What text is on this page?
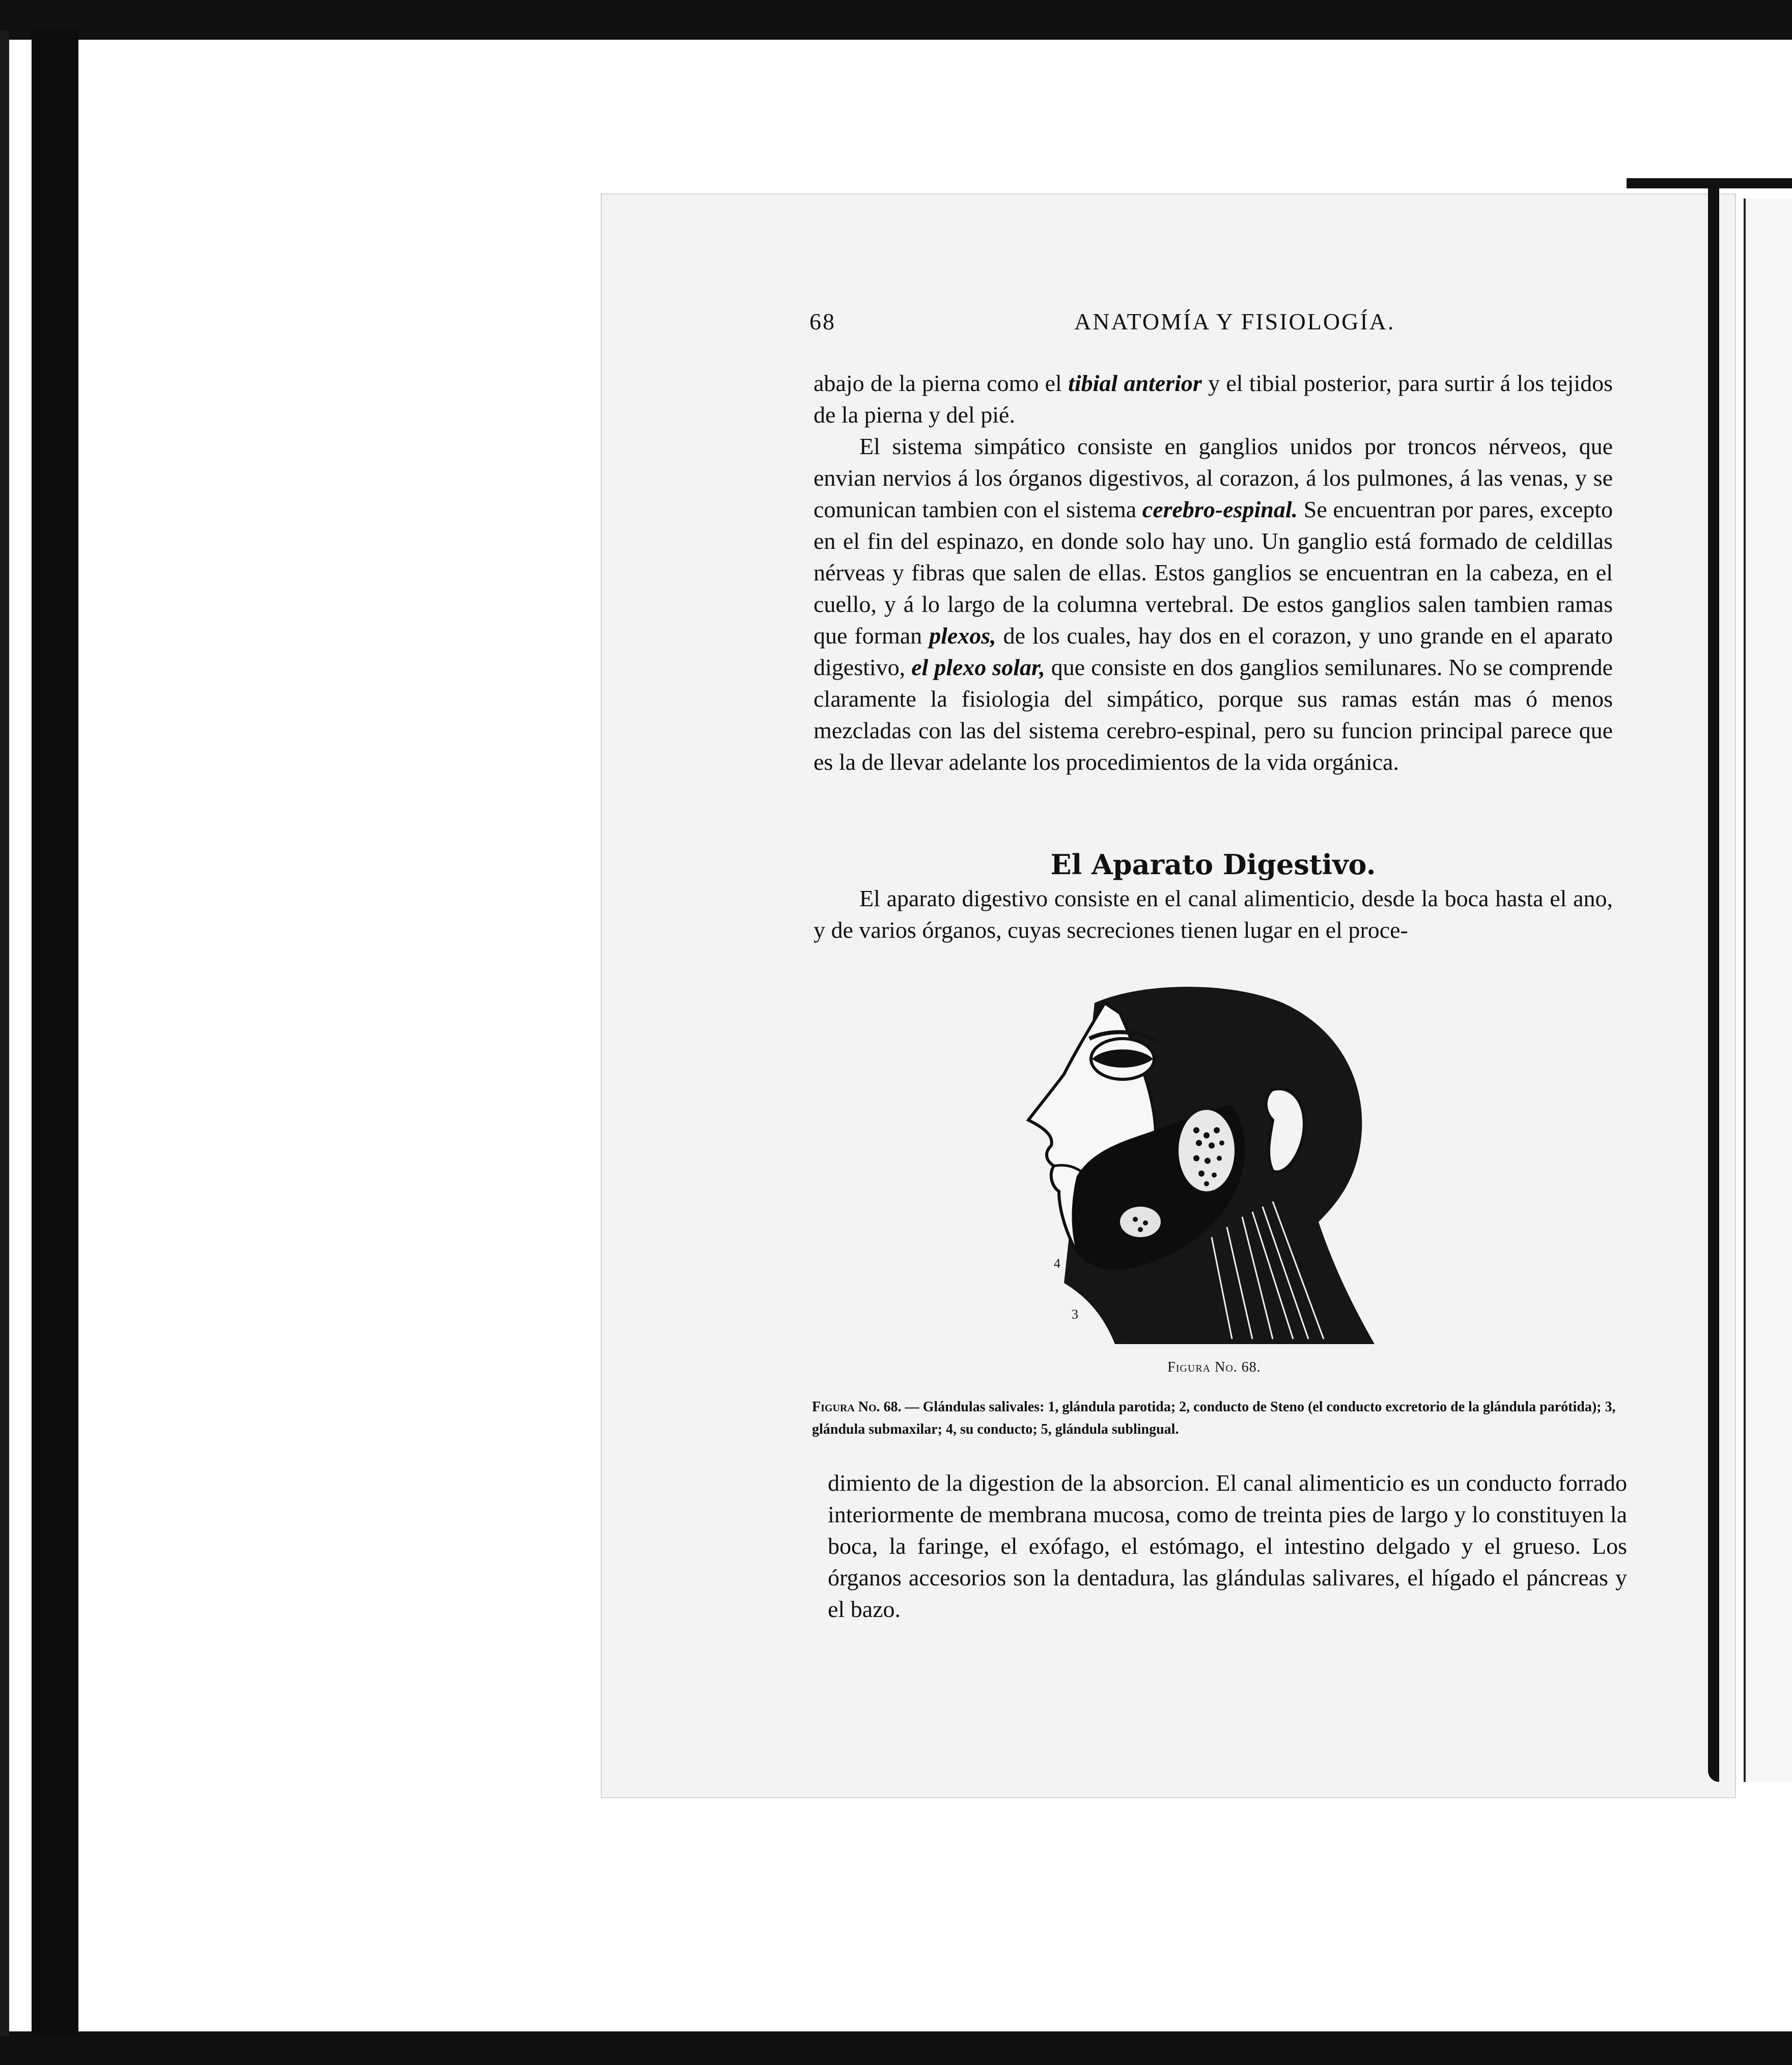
68	ANATOMÍA Y FISIOLOGÍA.

abajo de la pierna como el tibial anterior y el tibial posterior, para surtir á los tejidos de la pierna y del pié.

El sistema simpático consiste en ganglios unidos por troncos nérveos, que envian nervios á los órganos digestivos, al corazon, á los pulmones, á las venas, y se comunican tambien con el sistema cerebro-espinal. Se encuentran por pares, excepto en el fin del espinazo, en donde solo hay uno. Un ganglio está formado de celdillas nérveas y fibras que salen de ellas. Estos ganglios se encuentran en la cabeza, en el cuello, y á lo largo de la columna vertebral. De estos ganglios salen tambien ramas que forman plexos, de los cuales, hay dos en el corazon, y uno grande en el aparato digestivo, el plexo solar, que consiste en dos ganglios semilunares. No se comprende claramente la fisiologia del simpático, porque sus ramas están mas ó menos mezcladas con las del sistema cerebro-espinal, pero su funcion principal parece que es la de llevar adelante los procedimientos de la vida orgánica.

El Aparato Digestivo.
El aparato digestivo consiste en el canal alimenticio, desde la boca hasta el ano, y de varios órganos, cuyas secreciones tienen lugar en el proce-
2
3
4
5
Figura No. 68.
Figura No. 68. — Glándulas salivales: 1, glándula parotida; 2, conducto de Steno (el conducto excretorio de la glándula parótida); 3, glándula submaxilar; 4, su conducto; 5, glándula sublingual.
dimiento de la digestion de la absorcion. El canal alimenticio es un conducto forrado interiormente de membrana mucosa, como de treinta pies de largo y lo constituyen la boca, la faringe, el exófago, el estómago, el intestino delgado y el grueso. Los órganos accesorios son la dentadura, las glándulas salivares, el hígado el páncreas y el bazo.
